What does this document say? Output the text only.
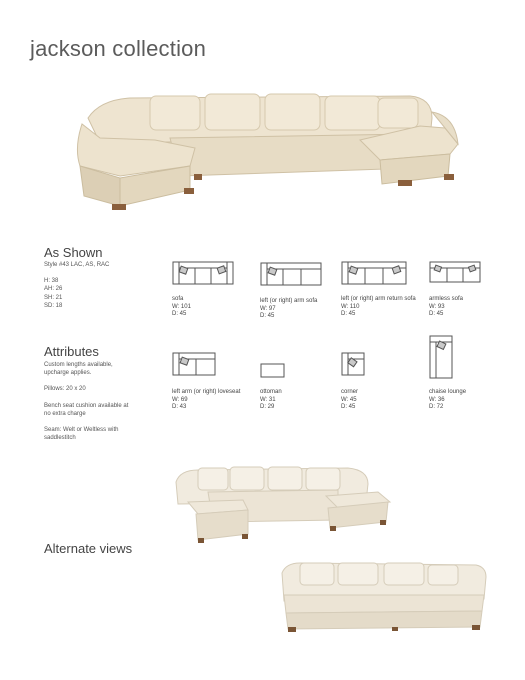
jackson collection
As Shown
Style #43 LAC, AS, RAC
H: 38
AH: 26
SH: 21
SD: 18
Attributes
Custom lengths available,
upcharge applies.
Pillows: 20 x 20
Bench seat cushion available at
no extra charge
Seam: Welt or Weltless with
saddlestitch
sofa
W: 101
D: 45
left (or right) arm sofa
W: 97
D: 45
left (or right) arm return sofa
W: 110
D: 45
armless sofa
W: 93
D: 45
left arm (or right) loveseat
W: 69
D: 43
ottoman
W: 31
D: 29
corner
W: 45
D: 45
chaise lounge
W: 36
D: 72
Alternate views
